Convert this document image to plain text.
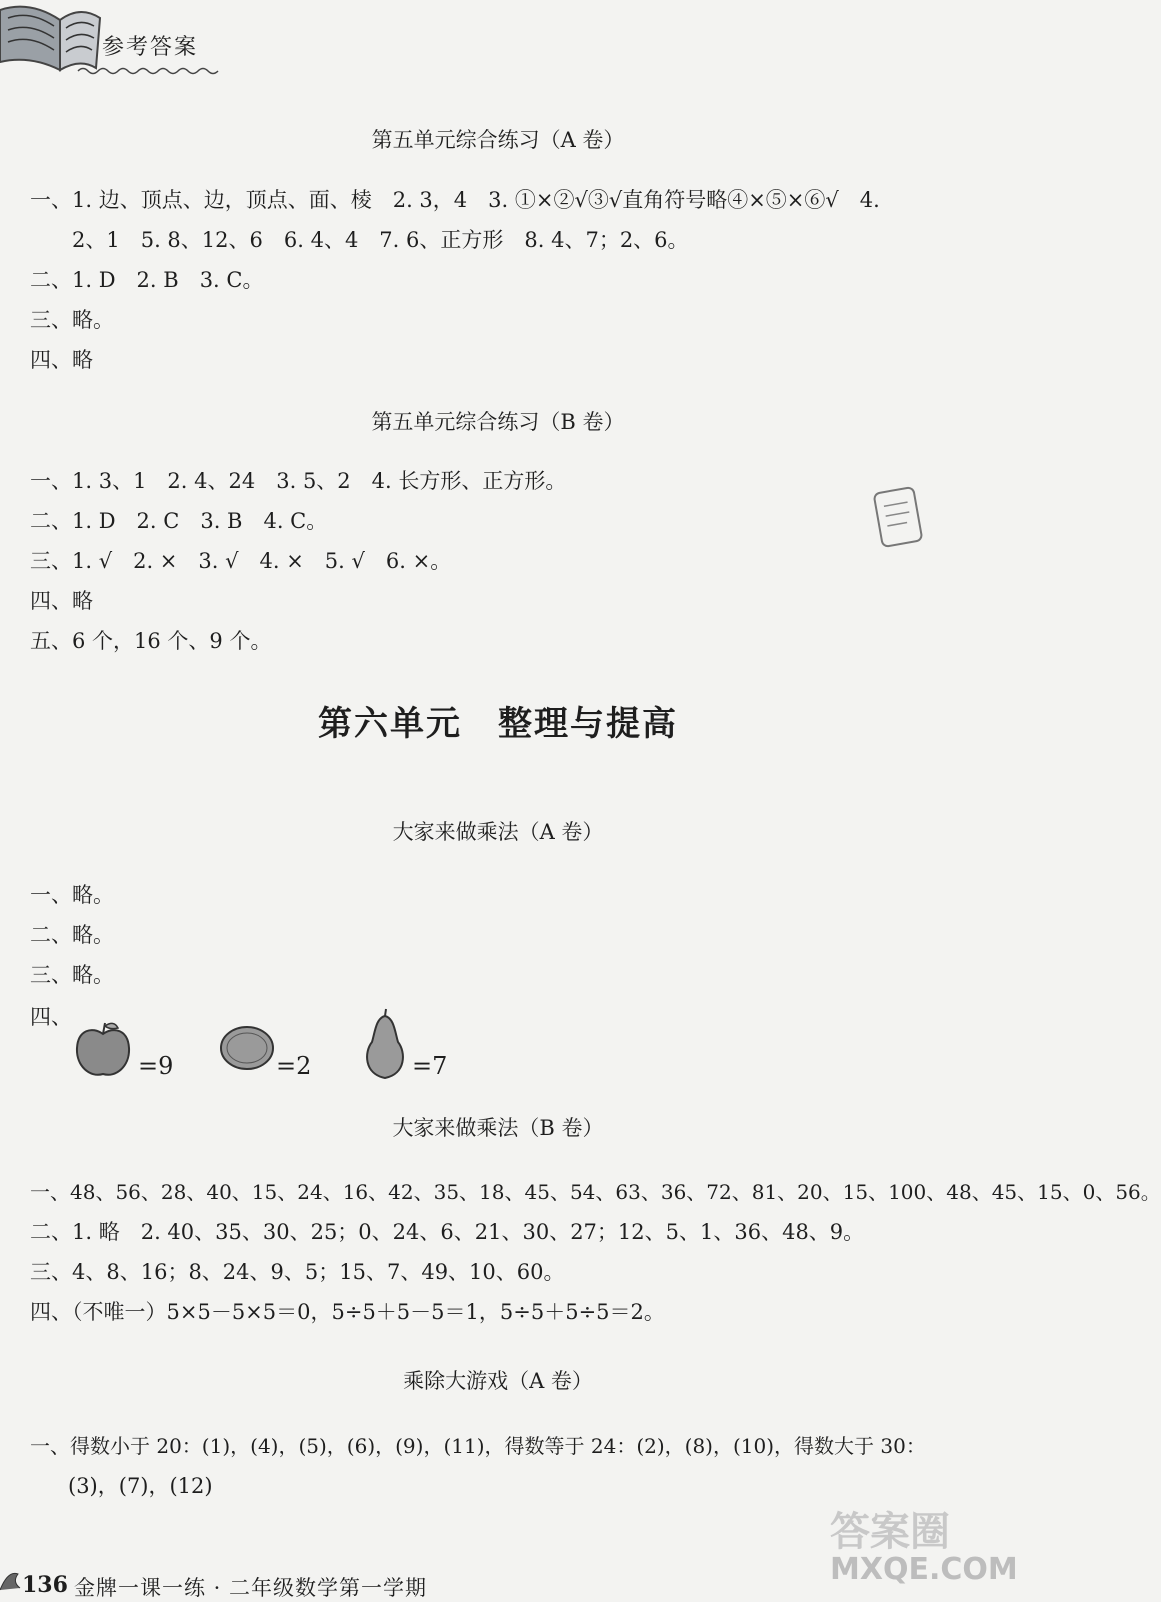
参考答案
第五单元综合练习（A 卷）
一、1. 边、顶点、边，顶点、面、棱　2. 3，4　3. ①×②√③√直角符号略④×⑤×⑥√　4.
2、1　5. 8、12、6　6. 4、4　7. 6、正方形　8. 4、7；2、6。
二、1. D　2. B　3. C。
三、略。
四、略
第五单元综合练习（B 卷）
一、1. 3、1　2. 4、24　3. 5、2　4. 长方形、正方形。
二、1. D　2. C　3. B　4. C。
三、1. √　2. ×　3. √　4. ×　5. √　6. ×。
四、略
五、6 个，16 个、9 个。
第六单元　整理与提高
大家来做乘法（A 卷）
一、略。
二、略。
三、略。
四、
=9	=2	=7
大家来做乘法（B 卷）
一、48、56、28、40、15、24、16、42、35、18、45、54、63、36、72、81、20、15、100、48、45、15、0、56。
二、1. 略　2. 40、35、30、25；0、24、6、21、30、27；12、5、1、36、48、9。
三、4、8、16；8、24、9、5；15、7、49、10、60。
四、（不唯一）5×5－5×5＝0，5÷5＋5－5＝1，5÷5＋5÷5＝2。
乘除大游戏（A 卷）
一、得数小于 20：(1)，(4)，(5)，(6)，(9)，(11)，得数等于 24：(2)，(8)，(10)，得数大于 30：
(3)，(7)，(12)
答案圈
MXQE.COM
136 金牌一课一练 · 二年级数学第一学期
